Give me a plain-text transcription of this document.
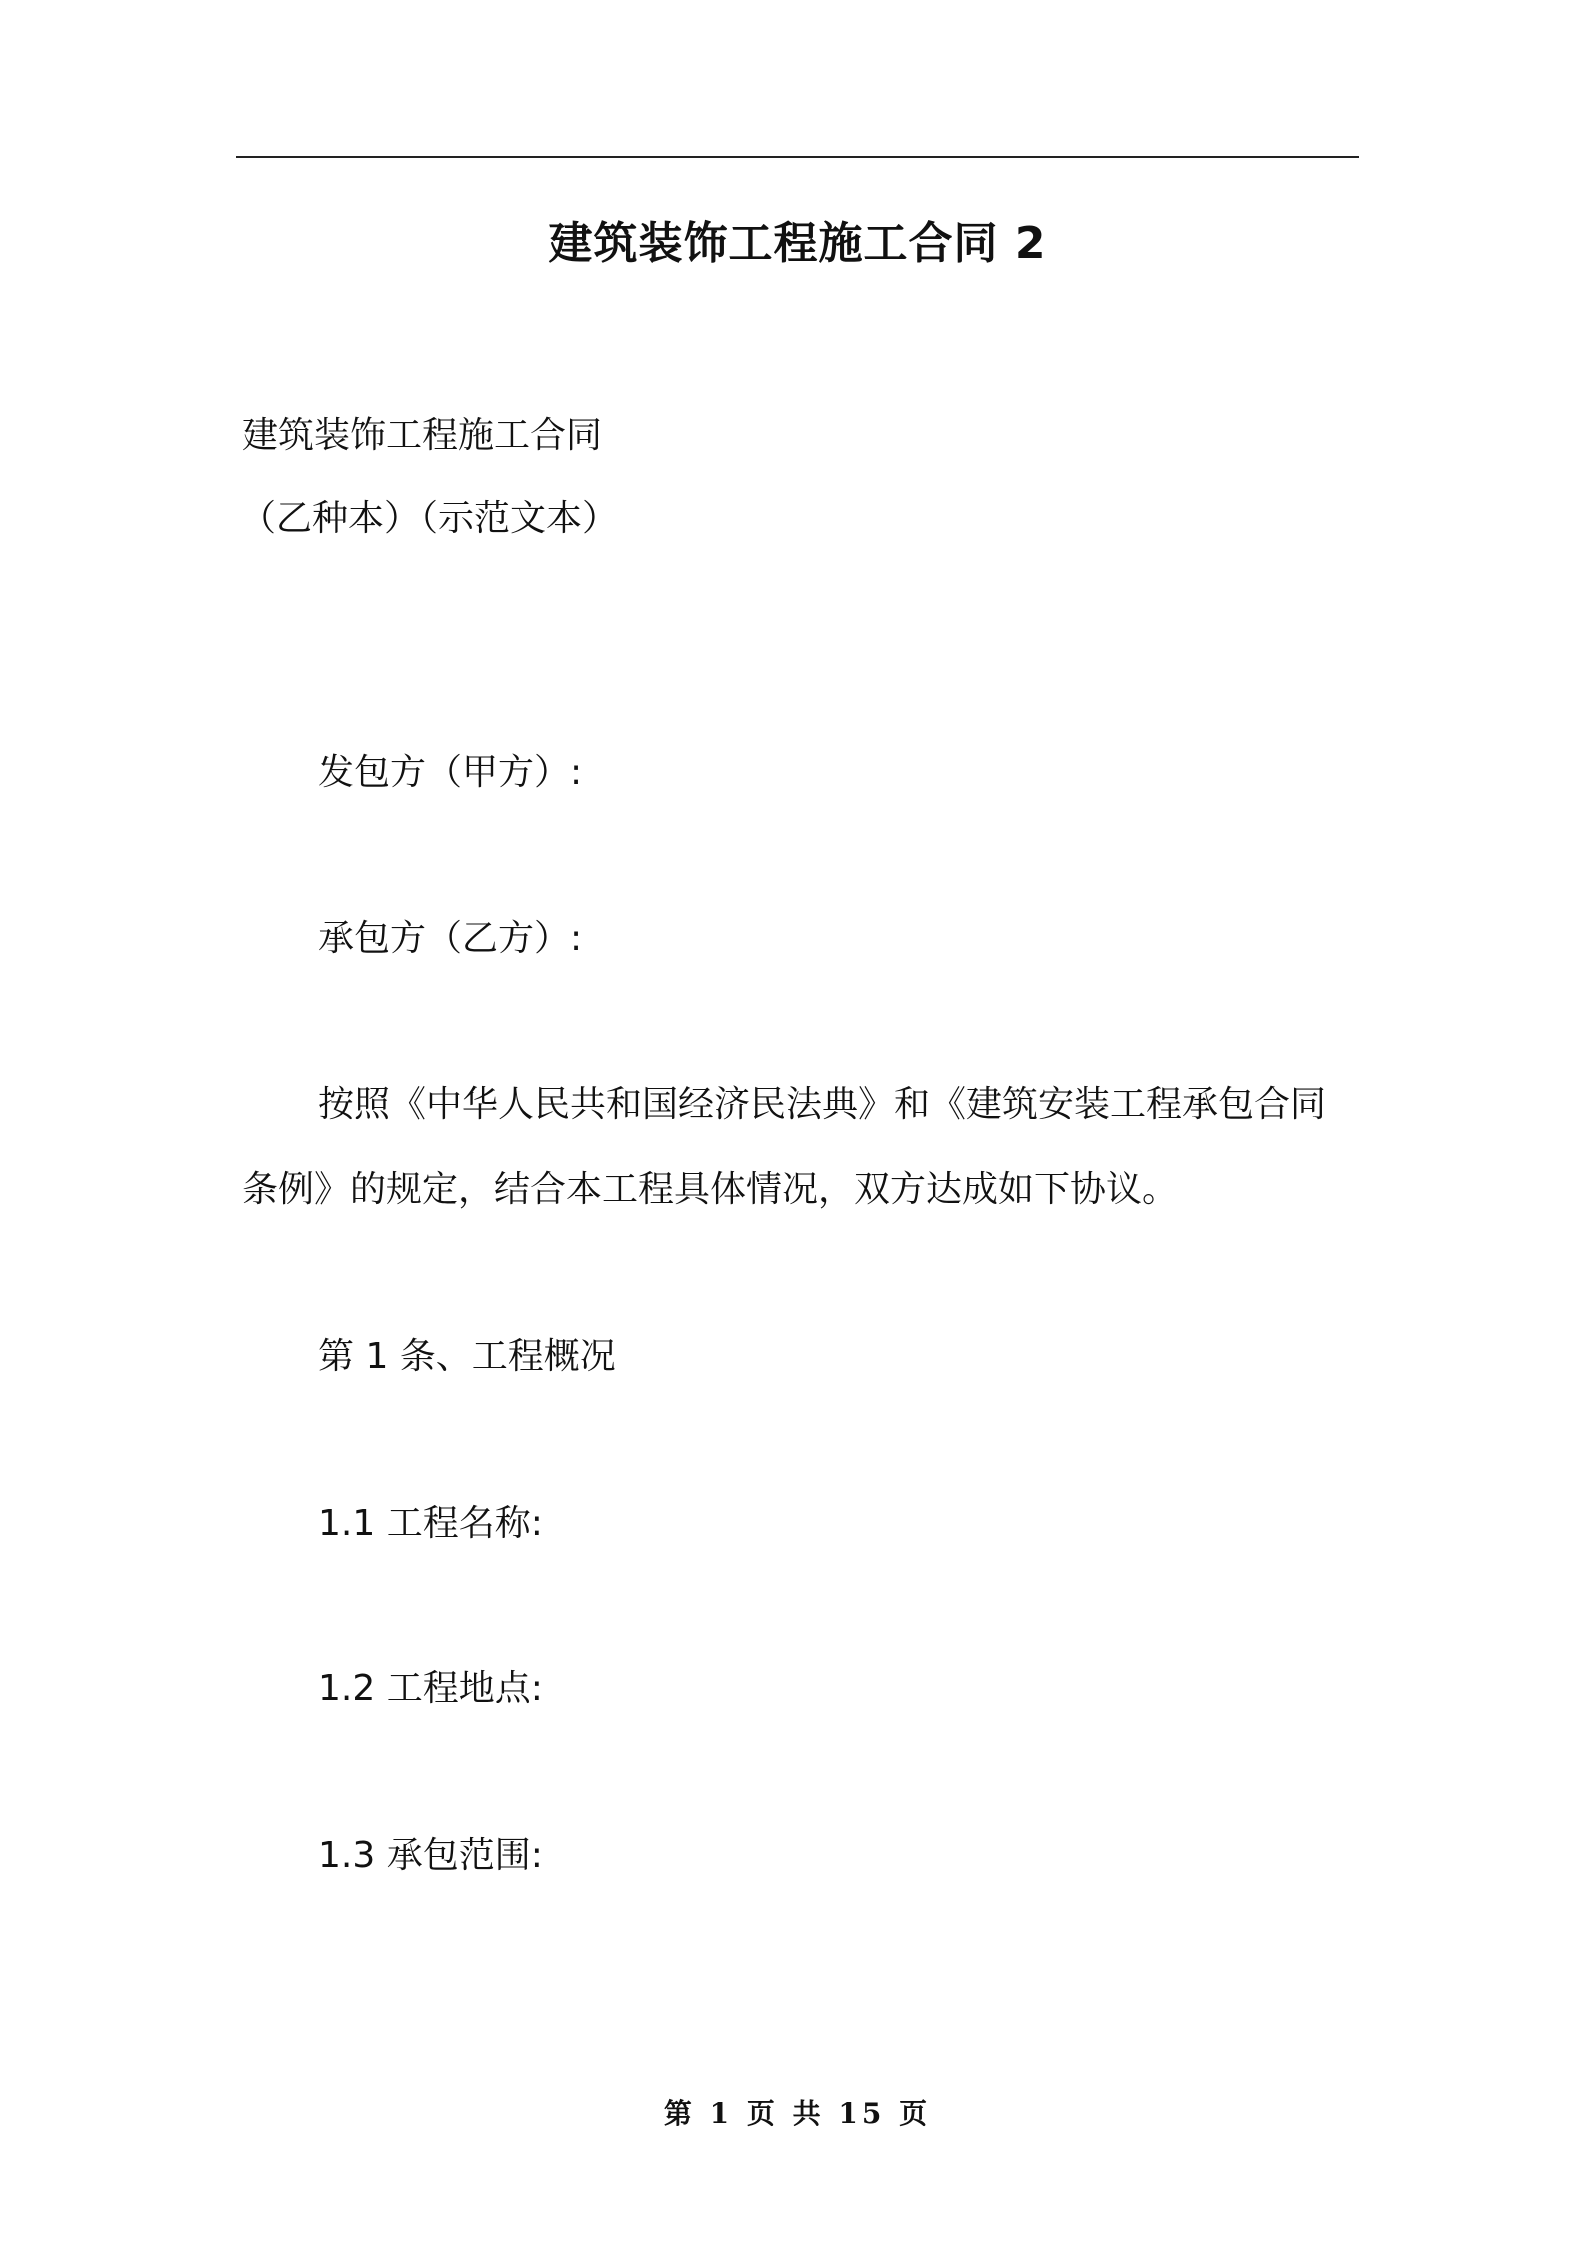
建筑装饰工程施工合同 2
建筑装饰工程施工合同
（乙种本）（示范文本）
发包方（甲方）:
承包方（乙方）:
按照《中华人民共和国经济民法典》和《建筑安装工程承包合同
条例》的规定，结合本工程具体情况，双方达成如下协议。
第 1 条、工程概况
1.1 工程名称:
1.2 工程地点:
1.3 承包范围:
第 1 页 共 15 页
